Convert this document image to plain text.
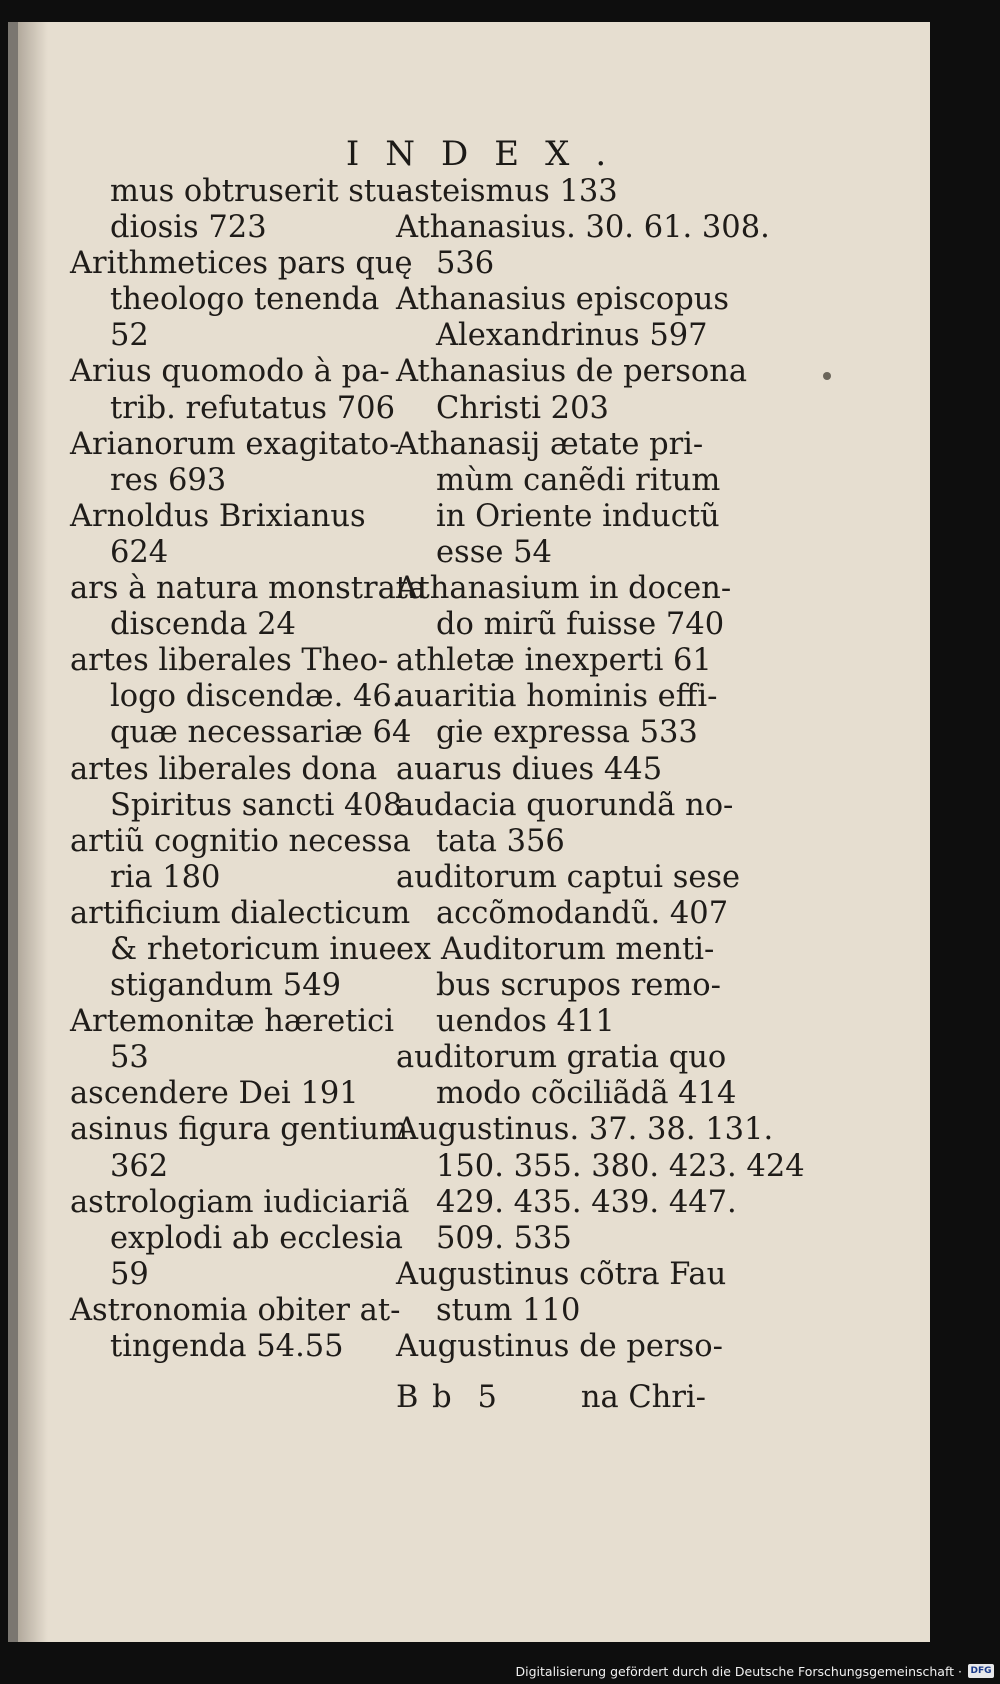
INDEX.
mus obtruserit stu-
diosis 723
Arithmetices pars quę
theologo tenenda
52
Arius quomodo à pa-
trib. refutatus 706
Arianorum exagitato-
res 693
Arnoldus Brixianus
624
ars à natura monstrata
discenda 24
artes liberales Theo-
logo discendæ. 46.
quæ necessariæ 64
artes liberales dona
Spiritus sancti 408
artiũ cognitio necessa
ria 180
artificium dialecticum
& rhetoricum inue
stigandum 549
Artemonitæ hæretici
53
ascendere Dei 191
asinus figura gentium
362
astrologiam iudiciariã
explodi ab ecclesia
59
Astronomia obiter at-
tingenda 54.55
asteismus 133
Athanasius. 30. 61. 308.
536
Athanasius episcopus
Alexandrinus 597
Athanasius de persona
Christi 203
Athanasij ætate pri-
mùm canẽdi ritum
in Oriente inductũ
esse 54
Athanasium in docen-
do mirũ fuisse 740
athletæ inexperti 61
auaritia hominis effi-
gie expressa 533
auarus diues 445
audacia quorundã no-
tata 356
auditorum captui sese
accõmodandũ. 407
ex Auditorum menti-
bus scrupos remo-
uendos 411
auditorum gratia quo
modo cõciliãdã 414
Augustinus. 37. 38. 131.
150. 355. 380. 423. 424
429. 435. 439. 447.
509. 535
Augustinus cõtra Fau
stum 110
Augustinus de perso-
B b 5	na Chri-
Digitalisierung gefördert durch die Deutsche Forschungsgemeinschaft · DFG
